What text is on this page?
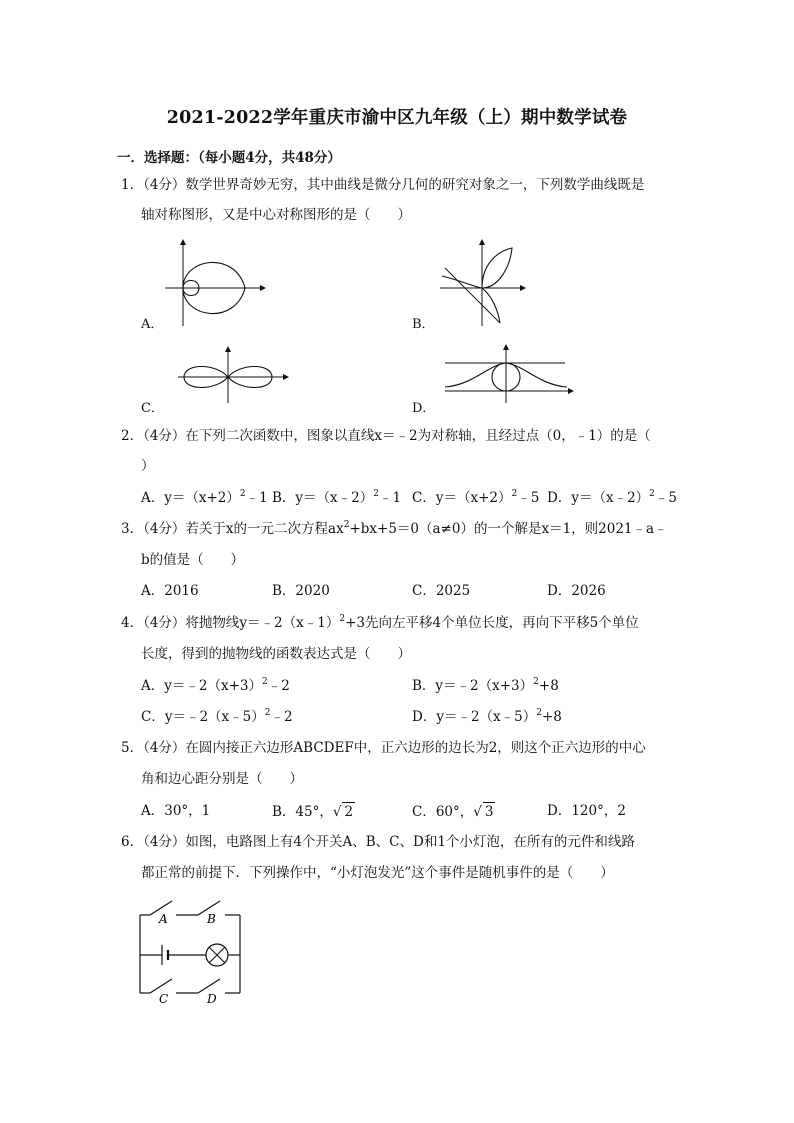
2021-2022学年重庆市渝中区九年级（上）期中数学试卷
一．选择题：（每小题4分，共48分）
1．（4分）数学世界奇妙无穷，其中曲线是微分几何的研究对象之一，下列数学曲线既是
轴对称图形，又是中心对称图形的是（　　）
A．	B．
C．	D．
2．（4分）在下列二次函数中，图象以直线x＝﹣2为对称轴，且经过点（0，﹣1）的是（
）
A．$y=(x+2)^2﹣1$ B．y＝（x﹣2）$^2$﹣1 C．$y=(x+2)^2﹣5$ D．y＝（x﹣2）$^2$﹣5
3．（4分）若关于x的一元二次方程$ax^2+bx+5=0(a\ne 0)$的一个解是x＝1，则2021﹣a﹣
b的值是（　　）
A．2016	B．2020	C．2025	D．2026
4．（4分）将抛物线y＝﹣2（x﹣1）$^2$+3先向左平移4个单位长度，再向下平移5个单位
长度，得到的抛物线的函数表达式是（　　）
A．$y=﹣2(x+3)^2﹣2$	B．$y=﹣2(x+3)^2+8$
C．y＝﹣2（x﹣5）$^2$﹣2	D．y＝﹣2（x﹣5）$^2$+8
5．（4分）在圆内接正六边形ABCDEF中，正六边形的边长为2，则这个正六边形的中心
角和边心距分别是（　　）
A．30°，1	B．45°，√ 2	C．60°，√ 3	D．120°，2
6．（4分）如图，电路图上有4个开关A、B、C、D和1个小灯泡，在所有的元件和线路
都正常的前提下．下列操作中，“小灯泡发光”这个事件是随机事件的是（　　）
A	B
C	D
